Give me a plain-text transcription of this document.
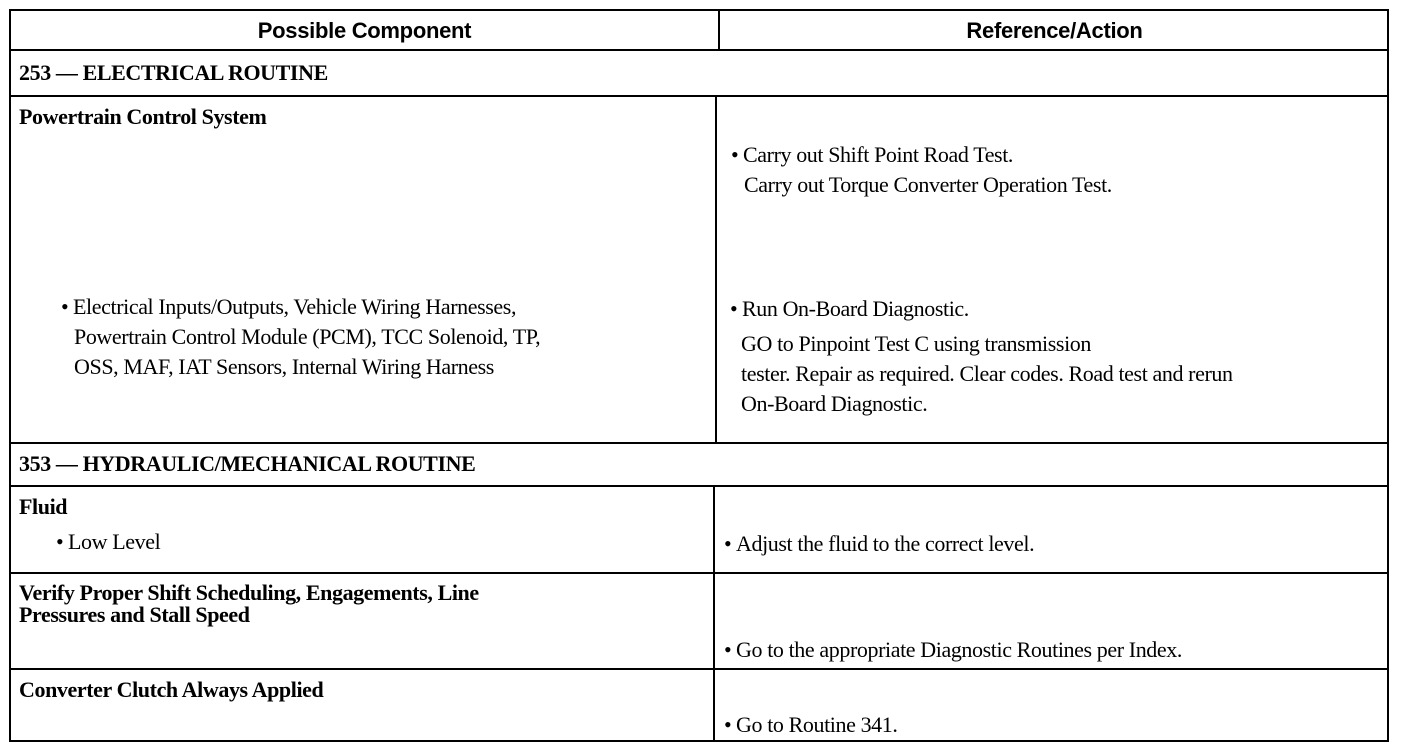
Possible Component	Reference/Action
253 — ELECTRICAL ROUTINE
Powertrain Control System
• Carry out Shift Point Road Test.
Carry out Torque Converter Operation Test.
• Electrical Inputs/Outputs, Vehicle Wiring Harnesses,
Powertrain Control Module (PCM), TCC Solenoid, TP,
OSS, MAF, IAT Sensors, Internal Wiring Harness
• Run On-Board Diagnostic.
GO to Pinpoint Test C using transmission
tester. Repair as required. Clear codes. Road test and rerun
On-Board Diagnostic.
353 — HYDRAULIC/MECHANICAL ROUTINE
Fluid
• Low Level
•	Adjust the fluid to the correct level.
Verify Proper Shift Scheduling, Engagements, Line
Pressures and Stall Speed
• Go to the appropriate Diagnostic Routines per Index.
Converter Clutch Always Applied
• Go to Routine 341.
